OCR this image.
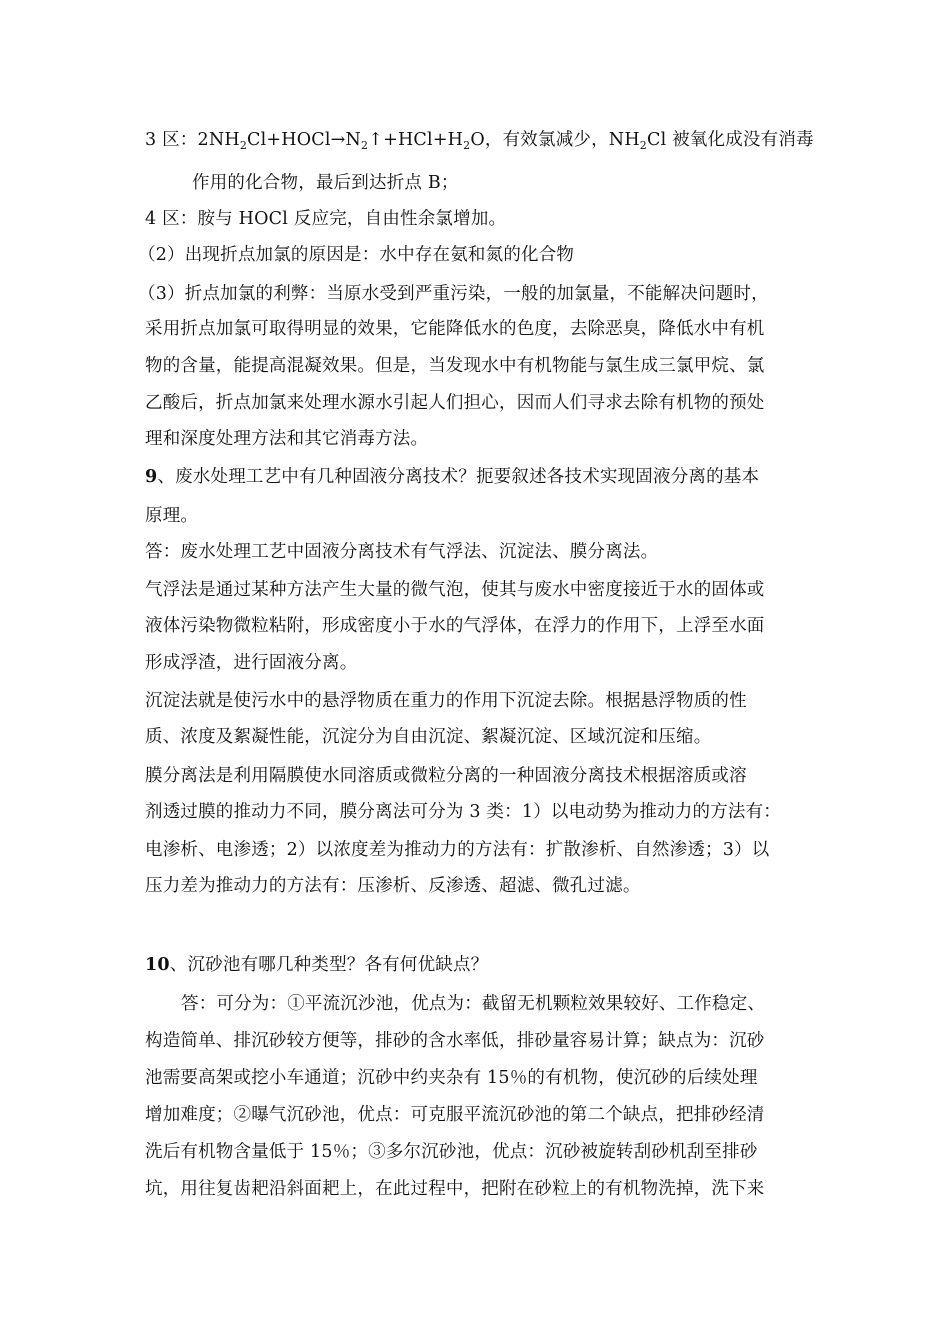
3 区：$2NH_2Cl+HOCl\to N_2↑+HCl+H_2O$，有效氯减少，$NH_2Cl$ 被氧化成没有消毒
作用的化合物，最后到达折点 B；
4 区：胺与 HOCl 反应完，自由性余氯增加。
（2）出现折点加氯的原因是：水中存在氨和氮的化合物
（3）折点加氯的利弊：当原水受到严重污染，一般的加氯量，不能解决问题时，
采用折点加氯可取得明显的效果，它能降低水的色度，去除恶臭，降低水中有机
物的含量，能提高混凝效果。但是，当发现水中有机物能与氯生成三氯甲烷、氯
乙酸后，折点加氯来处理水源水引起人们担心，因而人们寻求去除有机物的预处
理和深度处理方法和其它消毒方法。
9、废水处理工艺中有几种固液分离技术？扼要叙述各技术实现固液分离的基本
原理。
答：废水处理工艺中固液分离技术有气浮法、沉淀法、膜分离法。
气浮法是通过某种方法产生大量的微气泡，使其与废水中密度接近于水的固体或
液体污染物微粒粘附，形成密度小于水的气浮体，在浮力的作用下，上浮至水面
形成浮渣，进行固液分离。
沉淀法就是使污水中的悬浮物质在重力的作用下沉淀去除。根据悬浮物质的性
质、浓度及絮凝性能，沉淀分为自由沉淀、絮凝沉淀、区域沉淀和压缩。
膜分离法是利用隔膜使水同溶质或微粒分离的一种固液分离技术根据溶质或溶
剂透过膜的推动力不同，膜分离法可分为 3 类：1）以电动势为推动力的方法有：
电渗析、电渗透；2）以浓度差为推动力的方法有：扩散渗析、自然渗透；3）以
压力差为推动力的方法有：压渗析、反渗透、超滤、微孔过滤。
10、沉砂池有哪几种类型？各有何优缺点？
答：可分为：①平流沉沙池，优点为：截留无机颗粒效果较好、工作稳定、
构造简单、排沉砂较方便等，排砂的含水率低，排砂量容易计算；缺点为：沉砂
池需要高架或挖小车通道；沉砂中约夹杂有 15％的有机物，使沉砂的后续处理
增加难度；②曝气沉砂池，优点：可克服平流沉砂池的第二个缺点，把排砂经清
洗后有机物含量低于 15％；③多尔沉砂池，优点：沉砂被旋转刮砂机刮至排砂
坑，用往复齿耙沿斜面耙上，在此过程中，把附在砂粒上的有机物洗掉，洗下来
